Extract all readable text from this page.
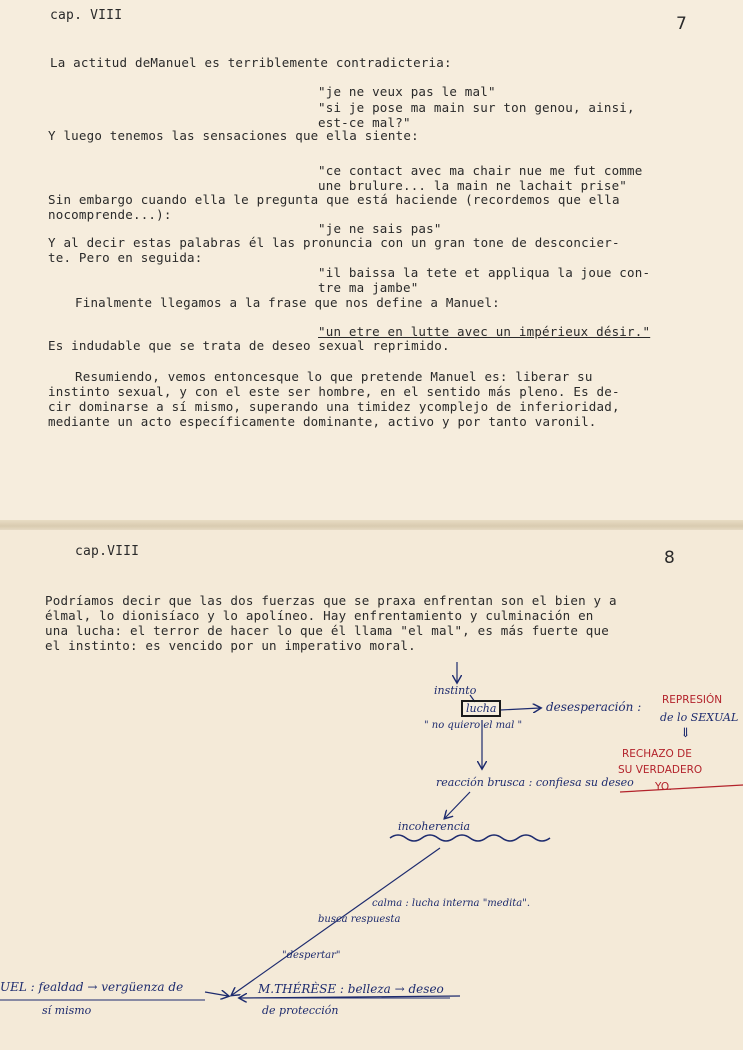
cap. VIII	7
La actitud deManuel es terriblemente contradicteria:
"je ne veux pas le mal"
"si je pose ma main sur ton genou, ainsi,
est-ce mal?"
Y luego tenemos las sensaciones que ella siente:
"ce contact avec ma chair nue me fut comme
une brulure... la main ne lachait prise"
Sin embargo cuando ella le pregunta que está haciende (recordemos que ella
nocomprende...):
"je ne sais pas"
Y al decir estas palabras él las pronuncia con un gran tone de desconcier-
te. Pero en seguida:
"il baissa la tete et appliqua la joue con-
tre ma jambe"
Finalmente llegamos a la frase que nos define a Manuel:
"un etre en lutte avec un impérieux désir."
Es indudable que se trata de deseo sexual reprimido.
Resumiendo, vemos entoncesque lo que pretende Manuel es: liberar su
instinto sexual, y con el este ser hombre, en el sentido más pleno. Es de-
cir dominarse a sí mismo, superando una timidez ycomplejo de inferioridad,
mediante un acto específicamente dominante, activo y por tanto varonil.
cap.VIII	8
Podríamos decir que las dos fuerzas que se praxa enfrentan son el bien y a
élmal, lo dionisíaco y lo apolíneo. Hay enfrentamiento y culminación en
una lucha: el terror de hacer lo que él llama "el mal", es más fuerte que
el instinto: es vencido por un imperativo moral.
instinto
lucha	desesperación : REPRESIÓN
de lo SEXUAL
⇓
RECHAZO DE
SU VERDADERO
YO.
" no quiero el mal "
reacción brusca : confiesa su deseo
incoherencia
calma : lucha interna "medita".
busca respuesta
"despertar"
UEL : fealdad → vergüenza de
sí mismo
M.THÉRÈSE : belleza → deseo
de protección
